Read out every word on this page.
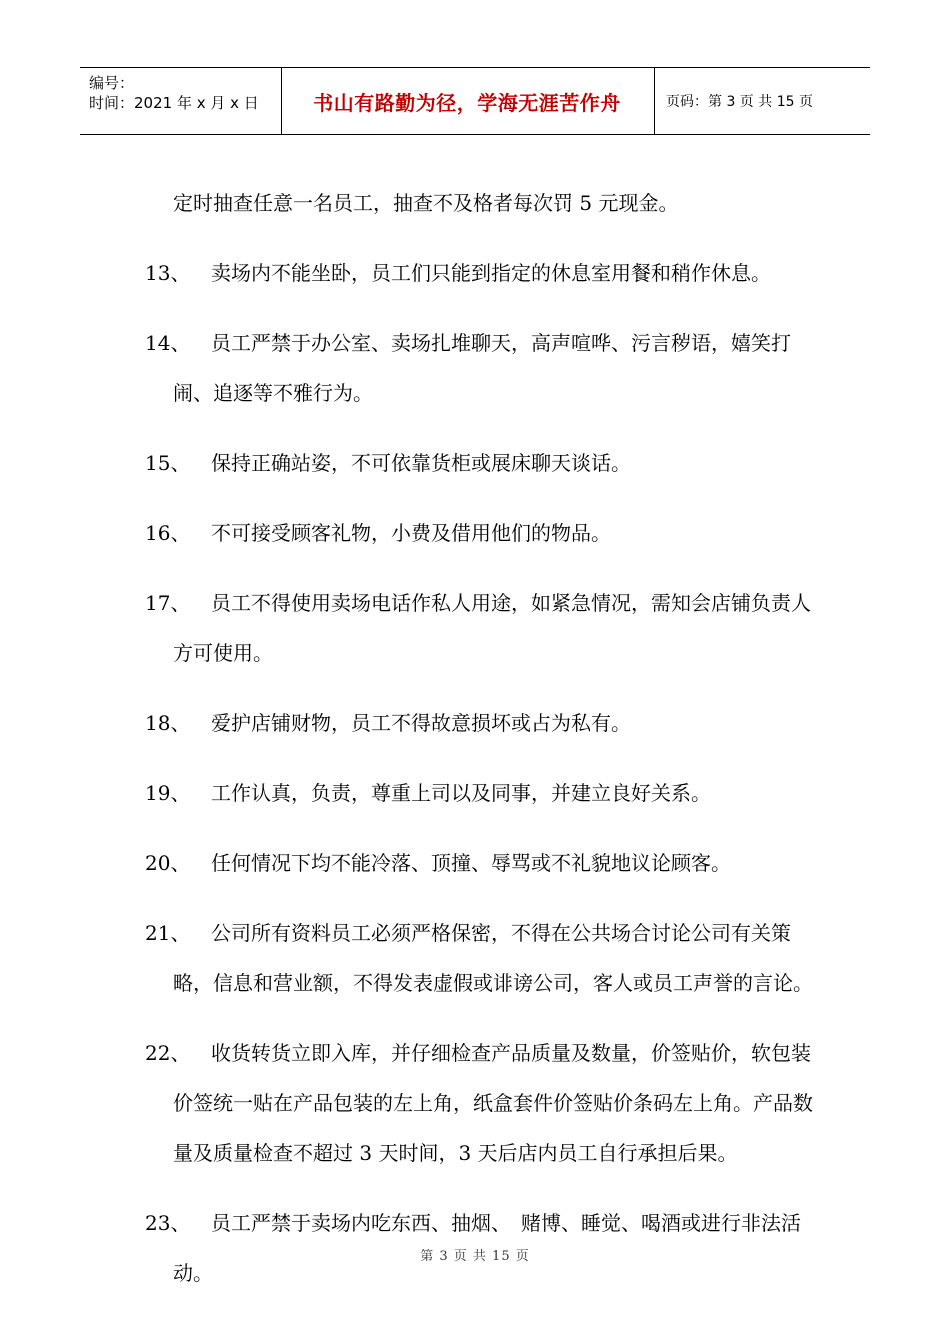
编号：
时间：2021 年 x 月 x 日	书山有路勤为径，学海无涯苦作舟	页码：第 3 页 共 15 页

定时抽查任意一名员工，抽查不及格者每次罚 5 元现金。

13、	卖场内不能坐卧，员工们只能到指定的休息室用餐和稍作休息。

14、	员工严禁于办公室、卖场扎堆聊天，高声喧哗、污言秽语，嬉笑打闹、追逐等不雅行为。

15、	保持正确站姿，不可依靠货柜或展床聊天谈话。

16、	不可接受顾客礼物，小费及借用他们的物品。

17、	员工不得使用卖场电话作私人用途，如紧急情况，需知会店铺负责人方可使用。

18、	爱护店铺财物，员工不得故意损坏或占为私有。

19、	工作认真，负责，尊重上司以及同事，并建立良好关系。

20、	任何情况下均不能冷落、顶撞、辱骂或不礼貌地议论顾客。

21、	公司所有资料员工必须严格保密，不得在公共场合讨论公司有关策略，信息和营业额，不得发表虚假或诽谤公司，客人或员工声誉的言论。

22、	收货转货立即入库，并仔细检查产品质量及数量，价签贴价，软包装价签统一贴在产品包装的左上角，纸盒套件价签贴价条码左上角。产品数量及质量检查不超过 3 天时间，3 天后店内员工自行承担后果。

23、	员工严禁于卖场内吃东西、抽烟、　赌博、睡觉、喝酒或进行非法活动。

第 3 页 共 15 页
